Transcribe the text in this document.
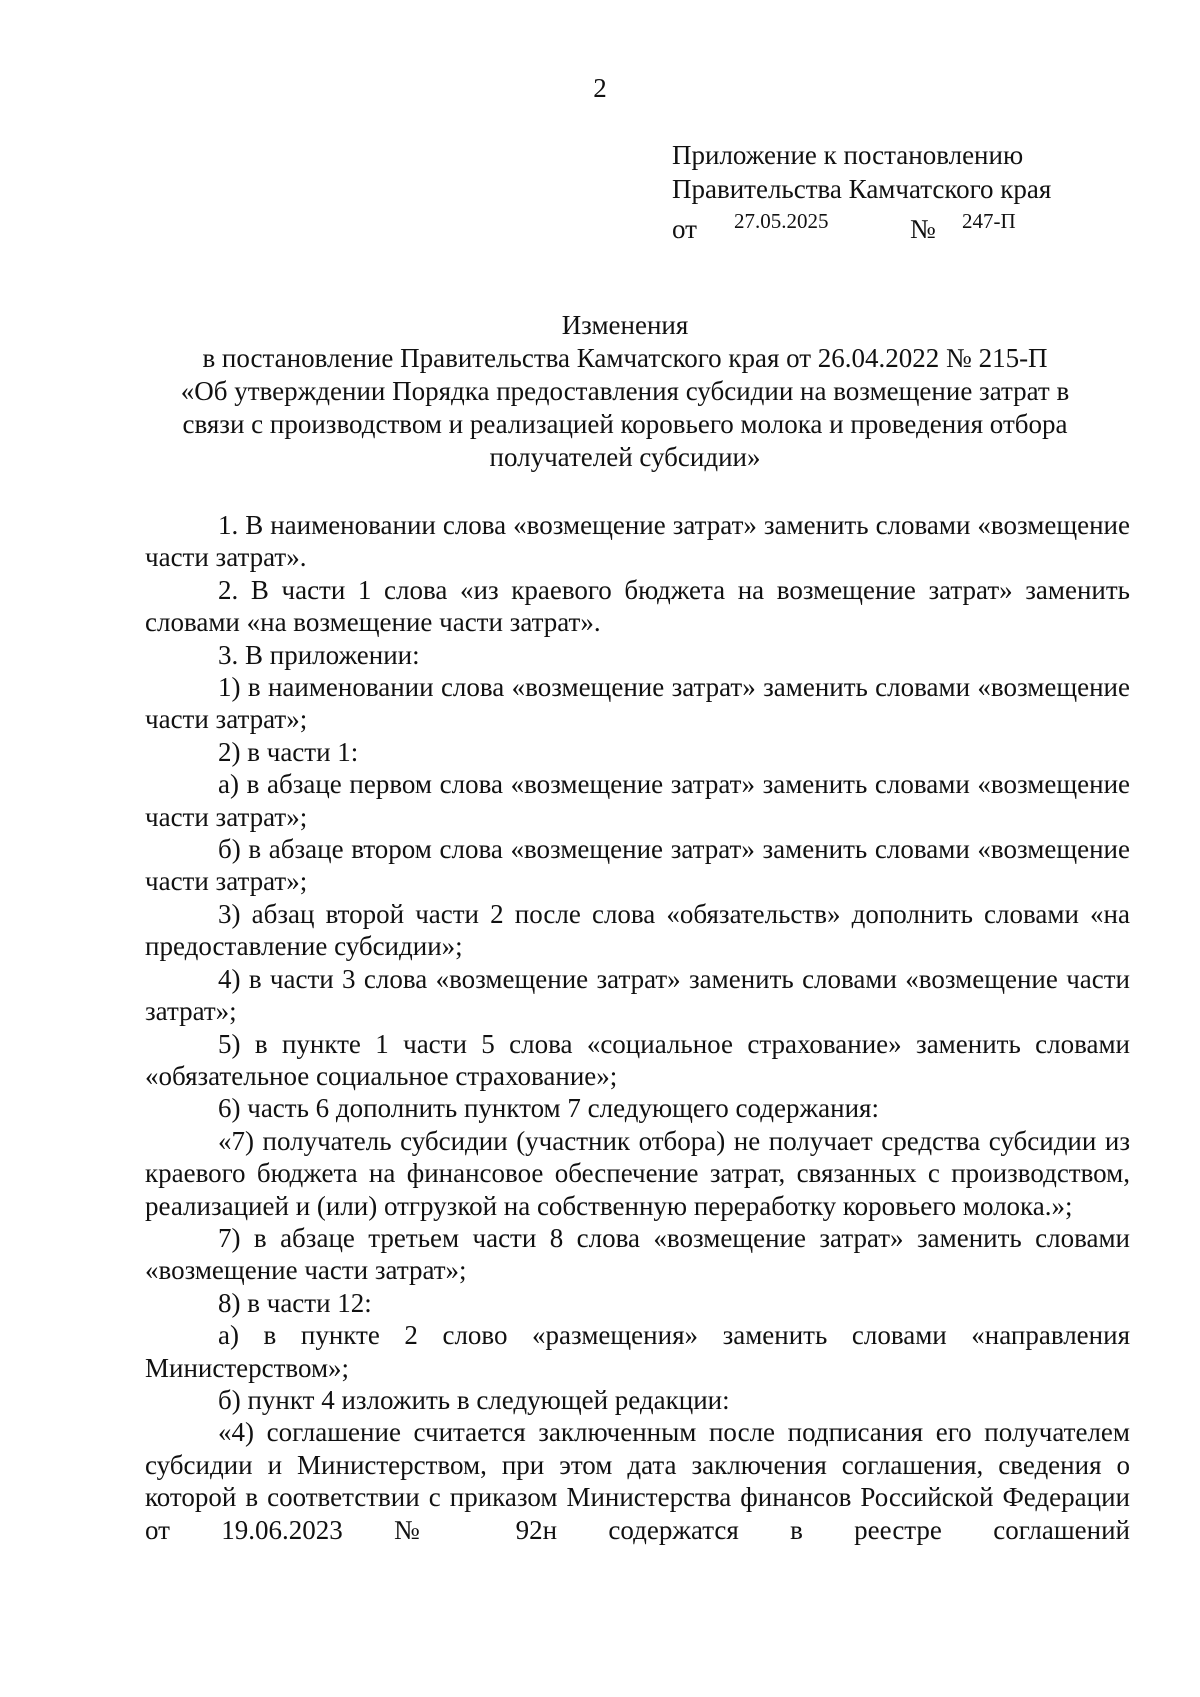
2
Приложение к постановлению
Правительства Камчатского края
от 27.05.2025	№ 247-П
Изменения
в постановление Правительства Камчатского края от 26.04.2022 № 215-П
«Об утверждении Порядка предоставления субсидии на возмещение затрат в
связи с производством и реализацией коровьего молока и проведения отбора
получателей субсидии»

1. В наименовании слова «возмещение затрат» заменить словами «возмещение части затрат».

2. В части 1 слова «из краевого бюджета на возмещение затрат» заменить словами «на возмещение части затрат».

3. В приложении:

1) в наименовании слова «возмещение затрат» заменить словами «возмещение части затрат»;

2) в части 1:

а) в абзаце первом слова «возмещение затрат» заменить словами «возмещение части затрат»;

б) в абзаце втором слова «возмещение затрат» заменить словами «возмещение части затрат»;

3) абзац второй части 2 после слова «обязательств» дополнить словами «на предоставление субсидии»;

4) в части 3 слова «возмещение затрат» заменить словами «возмещение части затрат»;

5) в пункте 1 части 5 слова «социальное страхование» заменить словами «обязательное социальное страхование»;

6) часть 6 дополнить пунктом 7 следующего содержания:

«7) получатель субсидии (участник отбора) не получает средства субсидии из краевого бюджета на финансовое обеспечение затрат, связанных с производством, реализацией и (или) отгрузкой на собственную переработку коровьего молока.»;

7) в абзаце третьем части 8 слова «возмещение затрат» заменить словами «возмещение части затрат»;

8) в части 12:

а) в пункте 2 слово «размещения» заменить словами «направления Министерством»;

б) пункт 4 изложить в следующей редакции:

«4) соглашение считается заключенным после подписания его получателем субсидии и Министерством, при этом дата заключения соглашения, сведения о которой в соответствии с приказом Министерства финансов Российской Федерации от 19.06.2023 № 92н содержатся в реестре соглашений
